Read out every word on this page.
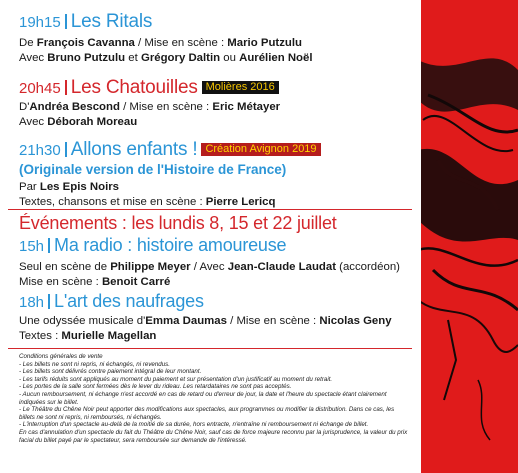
19h15 Les Ritals
De François Cavanna / Mise en scène : Mario Putzulu
Avec Bruno Putzulu et Grégory Daltin ou Aurélien Noël
20h45 Les Chatouilles Molières 2016
D'Andréa Bescond / Mise en scène : Eric Métayer
Avec Déborah Moreau
21h30 Allons enfants ! Création Avignon 2019
(Originale version de l'Histoire de France)
Par Les Epis Noirs
Textes, chansons et mise en scène : Pierre Lericq
Événements : les lundis 8, 15 et 22 juillet
15h Ma radio : histoire amoureuse
Seul en scène de Philippe Meyer / Avec Jean-Claude Laudat (accordéon)
Mise en scène : Benoit Carré
18h L'art des naufrages
Une odyssée musicale d'Emma Daumas / Mise en scène : Nicolas Geny
Textes : Murielle Magellan
Conditions générales de vente
- Les billets ne sont ni repris, ni échangés, ni revendus.
- Les billets sont délivrés contre paiement intégral de leur montant.
- Les tarifs réduits sont appliqués au moment du paiement et sur présentation d'un justificatif au moment du retrait.
- Les portes de la salle sont fermées dès le lever du rideau. Les retardataires ne sont pas acceptés.
- Aucun remboursement, ni échange n'est accordé en cas de retard ou d'erreur de jour, la date et l'heure du spectacle étant clairement indiquées sur le billet.
- Le Théâtre du Chêne Noir peut apporter des modifications aux spectacles, aux programmes ou modifier la distribution. Dans ce cas, les billets ne sont ni repris, ni remboursés, ni échangés.
- L'interruption d'un spectacle au-delà de la moitié de sa durée, hors entracte, n'entraîne ni remboursement ni échange de billet.
En cas d'annulation d'un spectacle du fait du Théâtre du Chêne Noir, sauf cas de force majeure reconnu par la jurisprudence, la valeur du prix facial du billet payé par le spectateur, sera remboursée sur demande de l'intéressé.
